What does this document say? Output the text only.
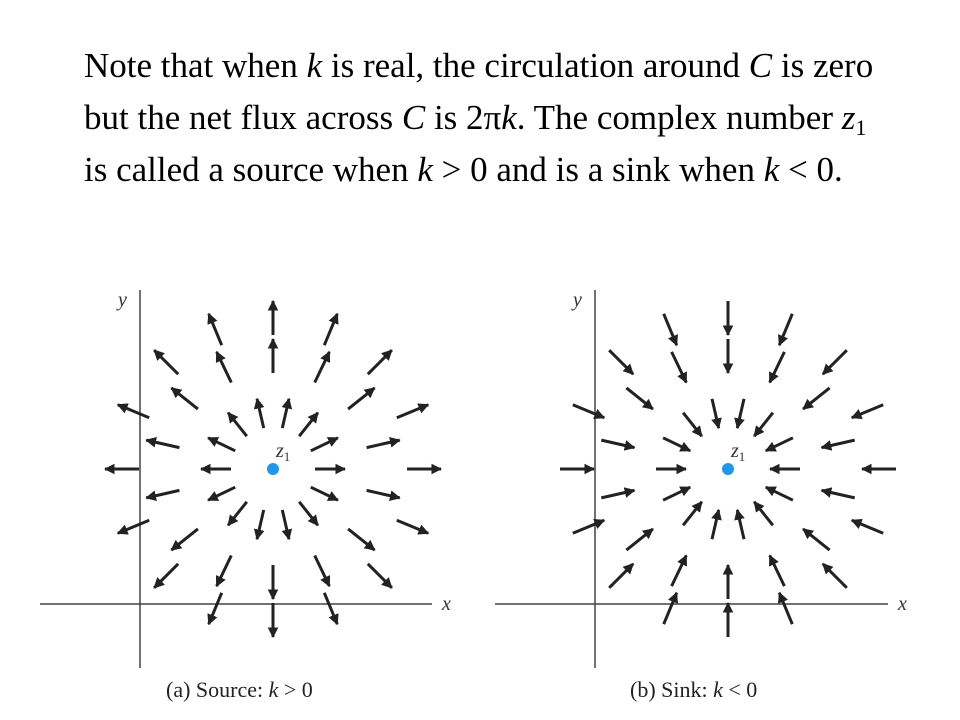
Note that when k is real, the circulation around C is zero but the net flux across C is 2πk. The complex number $z_1$ is called a source when k > 0 and is a sink when k < 0.
y
x
$z_1$
(a) Source: k > 0
y
x
$z_1$
(b) Sink: k < 0
